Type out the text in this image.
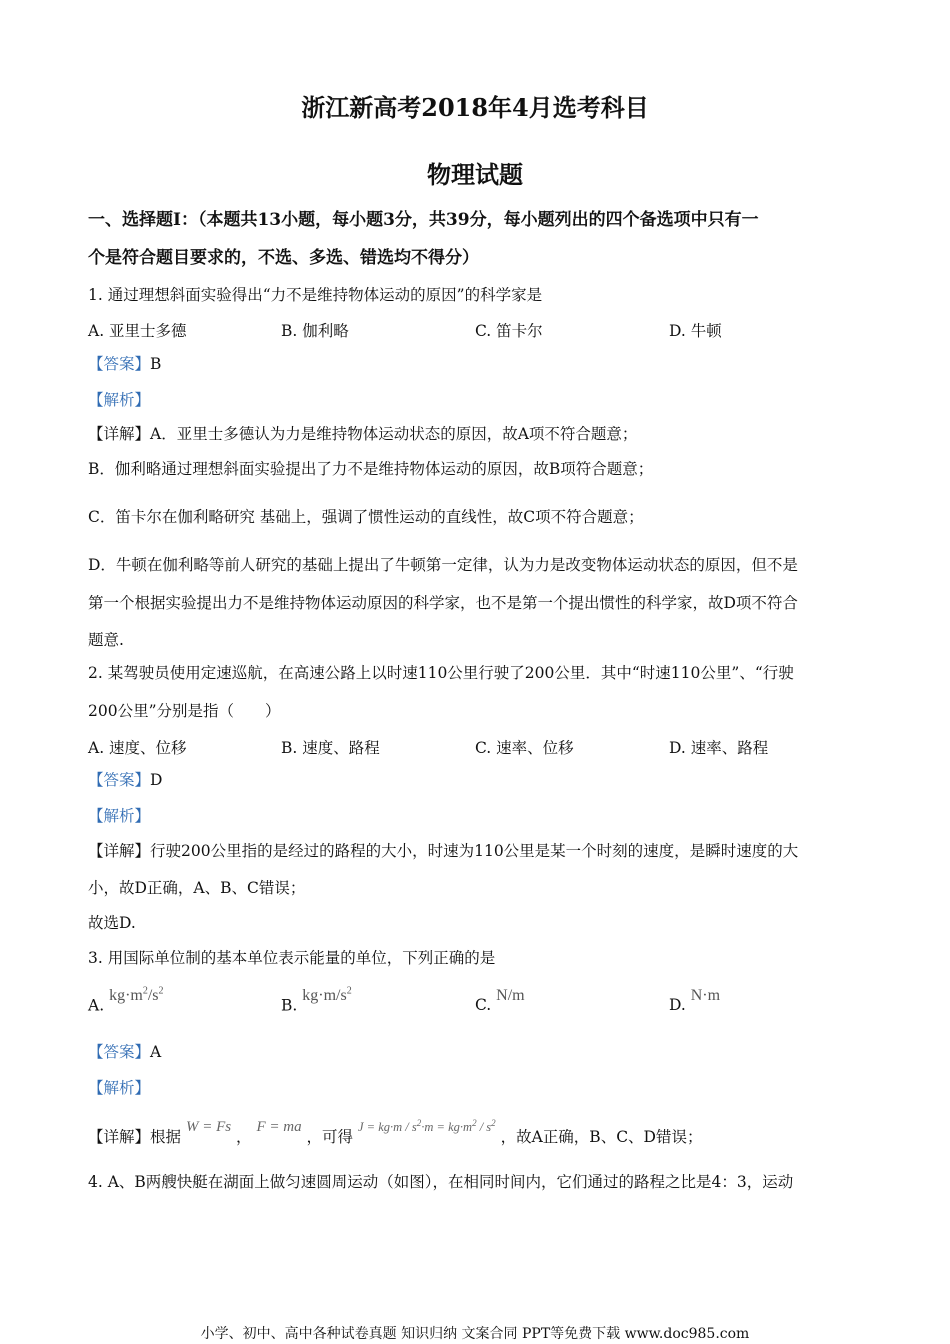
浙江新高考2018年4月选考科目
物理试题
一、选择题Ⅰ：（本题共13小题，每小题3分，共39分，每小题列出的四个备选项中只有一
个是符合题目要求的，不选、多选、错选均不得分）
1. 通过理想斜面实验得出“力不是维持物体运动的原因”的科学家是
A. 亚里士多德	B. 伽利略	C. 笛卡尔	D. 牛顿
【答案】B
【解析】
【详解】A．亚里士多德认为力是维持物体运动状态的原因，故A项不符合题意；
B．伽利略通过理想斜面实验提出了力不是维持物体运动的原因，故B项符合题意；
C．笛卡尔在伽利略研究 基础上，强调了惯性运动的直线性，故C项不符合题意；
D．牛顿在伽利略等前人研究的基础上提出了牛顿第一定律，认为力是改变物体运动状态的原因，但不是
第一个根据实验提出力不是维持物体运动原因的科学家，也不是第一个提出惯性的科学家，故D项不符合
题意.
2. 某驾驶员使用定速巡航，在高速公路上以时速110公里行驶了200公里．其中“时速110公里”、“行驶
200公里”分别是指（　　）
A. 速度、位移	B. 速度、路程	C. 速率、位移	D. 速率、路程
【答案】D
【解析】
【详解】行驶200公里指的是经过的路程的大小，时速为110公里是某一个时刻的速度，是瞬时速度的大
小，故D正确，A、B、C错误；
故选D.
3. 用国际单位制的基本单位表示能量的单位，下列正确的是
A. $kg\cdot m^2/s^2$
B. $kg\cdot m/s^2$
C. N/m
D. N·m
【答案】A
【解析】
【详解】根据 W = Fs ， F = ma ，可得 $^{J = kg\cdot m / s^2\cdot m = kg\cdot m^2 / s^2}$ ，故A正确，B、C、D错误；
4. A、B两艘快艇在湖面上做匀速圆周运动（如图），在相同时间内，它们通过的路程之比是4：3，运动
小学、初中、高中各种试卷真题 知识归纳 文案合同 PPT等免费下载 www.doc985.com
